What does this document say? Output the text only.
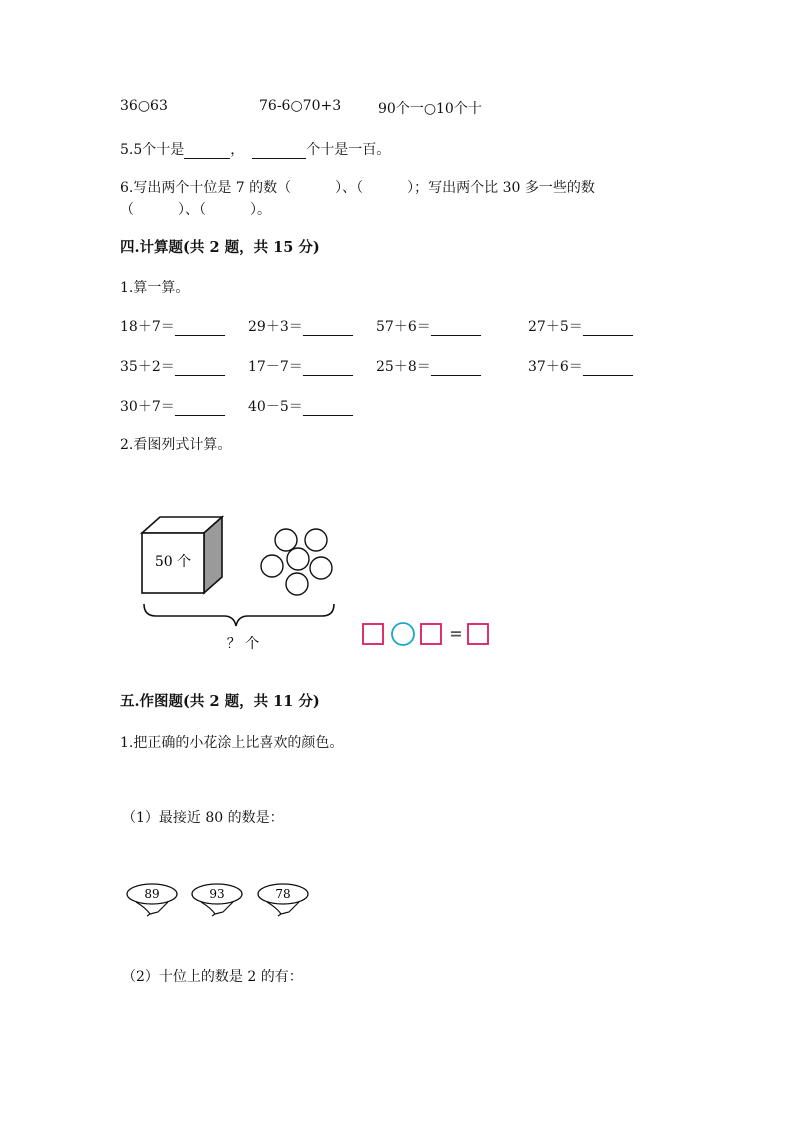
36○63	76-6○70+3	90个一○10个十
5.5个十是	，	个十是一百。
6.写出两个十位是 7 的数（	）、（	）；写出两个比 30 多一些的数
（	）、（	）。
四.计算题(共 2 题，共 15 分)
1.算一算。
18＋7＝	29＋3＝	57＋6＝	27＋5＝
35＋2＝	17－7＝	25＋8＝	37＋6＝
30＋7＝	40－5＝
2.看图列式计算。
50 个
？ 个
=
五.作图题(共 2 题，共 11 分)
1.把正确的小花涂上比喜欢的颜色。
（1）最接近 80 的数是：
89	93	78
（2）十位上的数是 2 的有：
